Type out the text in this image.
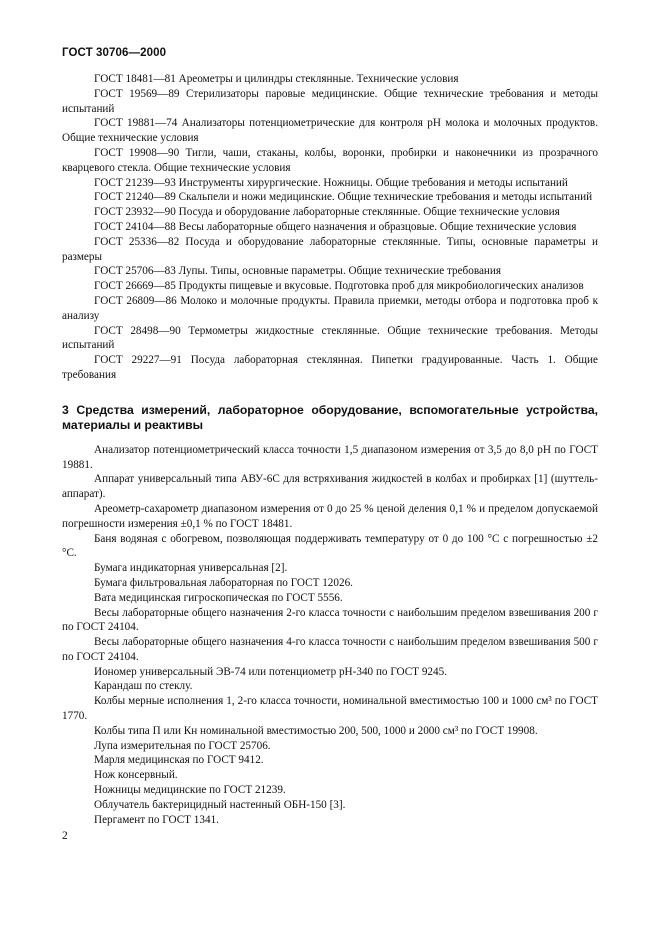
ГОСТ 30706—2000

ГОСТ 18481—81 Ареометры и цилиндры стеклянные. Технические условия

ГОСТ 19569—89 Стерилизаторы паровые медицинские. Общие технические требования и методы испытаний

ГОСТ 19881—74 Анализаторы потенциометрические для контроля pH молока и молочных продуктов. Общие технические условия

ГОСТ 19908—90 Тигли, чаши, стаканы, колбы, воронки, пробирки и наконечники из прозрачного кварцевого стекла. Общие технические условия

ГОСТ 21239—93 Инструменты хирургические. Ножницы. Общие требования и методы испытаний

ГОСТ 21240—89 Скальпели и ножи медицинские. Общие технические требования и методы испытаний

ГОСТ 23932—90 Посуда и оборудование лабораторные стеклянные. Общие технические условия

ГОСТ 24104—88 Весы лабораторные общего назначения и образцовые. Общие технические условия

ГОСТ 25336—82 Посуда и оборудование лабораторные стеклянные. Типы, основные параметры и размеры

ГОСТ 25706—83 Лупы. Типы, основные параметры. Общие технические требования

ГОСТ 26669—85 Продукты пищевые и вкусовые. Подготовка проб для микробиологических анализов

ГОСТ 26809—86 Молоко и молочные продукты. Правила приемки, методы отбора и подготовка проб к анализу

ГОСТ 28498—90 Термометры жидкостные стеклянные. Общие технические требования. Методы испытаний

ГОСТ 29227—91 Посуда лабораторная стеклянная. Пипетки градуированные. Часть 1. Общие требования

3 Средства измерений, лабораторное оборудование, вспомогательные устройства, материалы и реактивы

Анализатор потенциометрический класса точности 1,5 диапазоном измерения от 3,5 до 8,0 pH по ГОСТ 19881.

Аппарат универсальный типа АВУ-6С для встряхивания жидкостей в колбах и пробирках [1] (шуттель-аппарат).

Ареометр-сахарометр диапазоном измерения от 0 до 25 % ценой деления 0,1 % и пределом допускаемой погрешности измерения ±0,1 % по ГОСТ 18481.

Баня водяная с обогревом, позволяющая поддерживать температуру от 0 до 100 °С с погрешностью ±2 °С.

Бумага индикаторная универсальная [2].

Бумага фильтровальная лабораторная по ГОСТ 12026.

Вата медицинская гигроскопическая по ГОСТ 5556.

Весы лабораторные общего назначения 2-го класса точности с наибольшим пределом взвешивания 200 г по ГОСТ 24104.

Весы лабораторные общего назначения 4-го класса точности с наибольшим пределом взвешивания 500 г по ГОСТ 24104.

Иономер универсальный ЭВ-74 или потенциометр рН-340 по ГОСТ 9245.

Карандаш по стеклу.

Колбы мерные исполнения 1, 2-го класса точности, номинальной вместимостью 100 и 1000 см³ по ГОСТ 1770.

Колбы типа П или Кн номинальной вместимостью 200, 500, 1000 и 2000 см³ по ГОСТ 19908.

Лупа измерительная по ГОСТ 25706.

Марля медицинская по ГОСТ 9412.

Нож консервный.

Ножницы медицинские по ГОСТ 21239.

Облучатель бактерицидный настенный ОБН-150 [3].

Пергамент по ГОСТ 1341.

2
